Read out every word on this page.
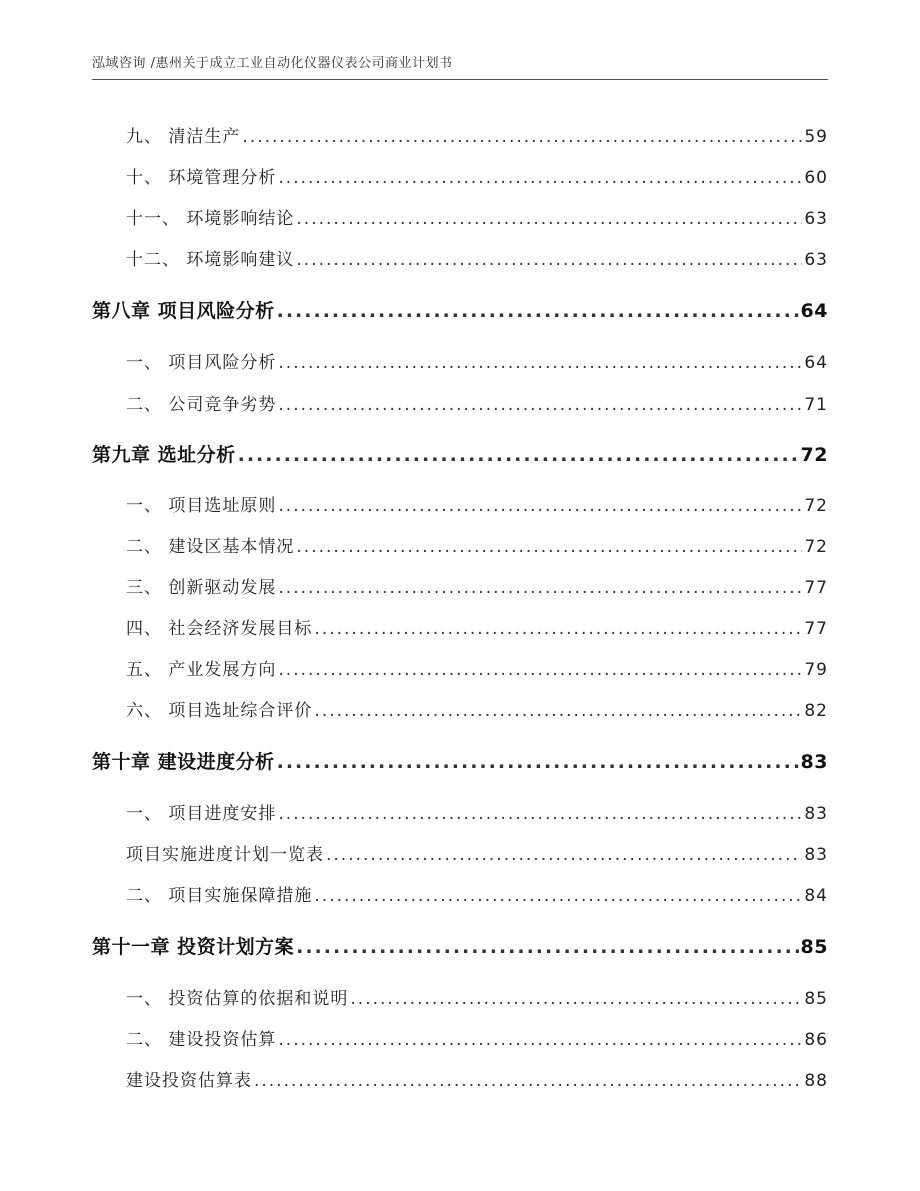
泓域咨询 /惠州关于成立工业自动化仪器仪表公司商业计划书
九、 清洁生产 .....	59
十、 环境管理分析 .....	60
十一、 环境影响结论 .....	63
十二、 环境影响建议 .....	63
第八章 项目风险分析 .....	64
一、 项目风险分析 .....	64
二、 公司竞争劣势 .....	71
第九章 选址分析 .....	72
一、 项目选址原则 .....	72
二、 建设区基本情况 .....	72
三、 创新驱动发展 .....	77
四、 社会经济发展目标 .....	77
五、 产业发展方向 .....	79
六、 项目选址综合评价 .....	82
第十章 建设进度分析 .....	83
一、 项目进度安排 .....	83
项目实施进度计划一览表 .....	83
二、 项目实施保障措施 .....	84
第十一章 投资计划方案 .....	85
一、 投资估算的依据和说明 .....	85
二、 建设投资估算 .....	86
建设投资估算表 .....	88
